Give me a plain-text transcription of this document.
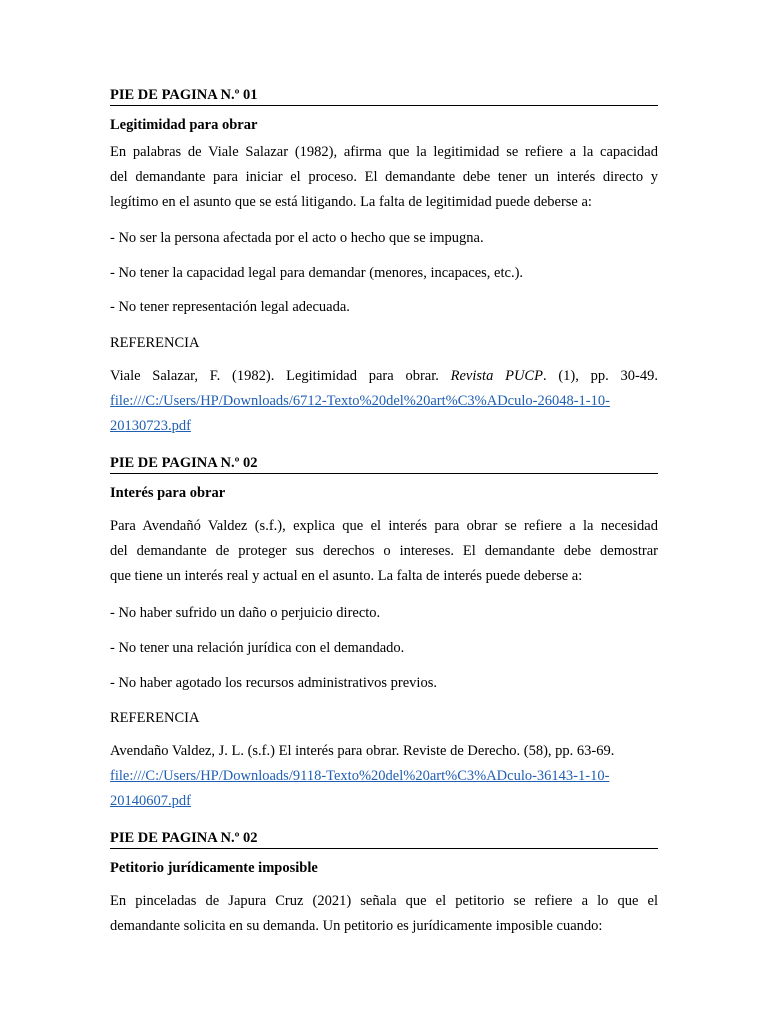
PIE DE PAGINA N.º 01
Legitimidad para obrar
En palabras de Viale Salazar (1982), afirma que la legitimidad se refiere a la capacidad
del demandante para iniciar el proceso. El demandante debe tener un interés directo y
legítimo en el asunto que se está litigando. La falta de legitimidad puede deberse a:
- No ser la persona afectada por el acto o hecho que se impugna.
- No tener la capacidad legal para demandar (menores, incapaces, etc.).
- No tener representación legal adecuada.
REFERENCIA
Viale Salazar, F. (1982). Legitimidad para obrar. Revista PUCP. (1), pp. 30-49.
file:///C:/Users/HP/Downloads/6712-Texto%20del%20art%C3%ADculo-26048-1-10-
20130723.pdf
PIE DE PAGINA N.º 02
Interés para obrar
Para Avendañó Valdez (s.f.), explica que el interés para obrar se refiere a la necesidad
del demandante de proteger sus derechos o intereses. El demandante debe demostrar
que tiene un interés real y actual en el asunto. La falta de interés puede deberse a:
- No haber sufrido un daño o perjuicio directo.
- No tener una relación jurídica con el demandado.
- No haber agotado los recursos administrativos previos.
REFERENCIA
Avendaño Valdez, J. L. (s.f.) El interés para obrar. Reviste de Derecho. (58), pp. 63-69.
file:///C:/Users/HP/Downloads/9118-Texto%20del%20art%C3%ADculo-36143-1-10-
20140607.pdf
PIE DE PAGINA N.º 02
Petitorio jurídicamente imposible
En pinceladas de Japura Cruz (2021) señala que el petitorio se refiere a lo que el
demandante solicita en su demanda. Un petitorio es jurídicamente imposible cuando:
